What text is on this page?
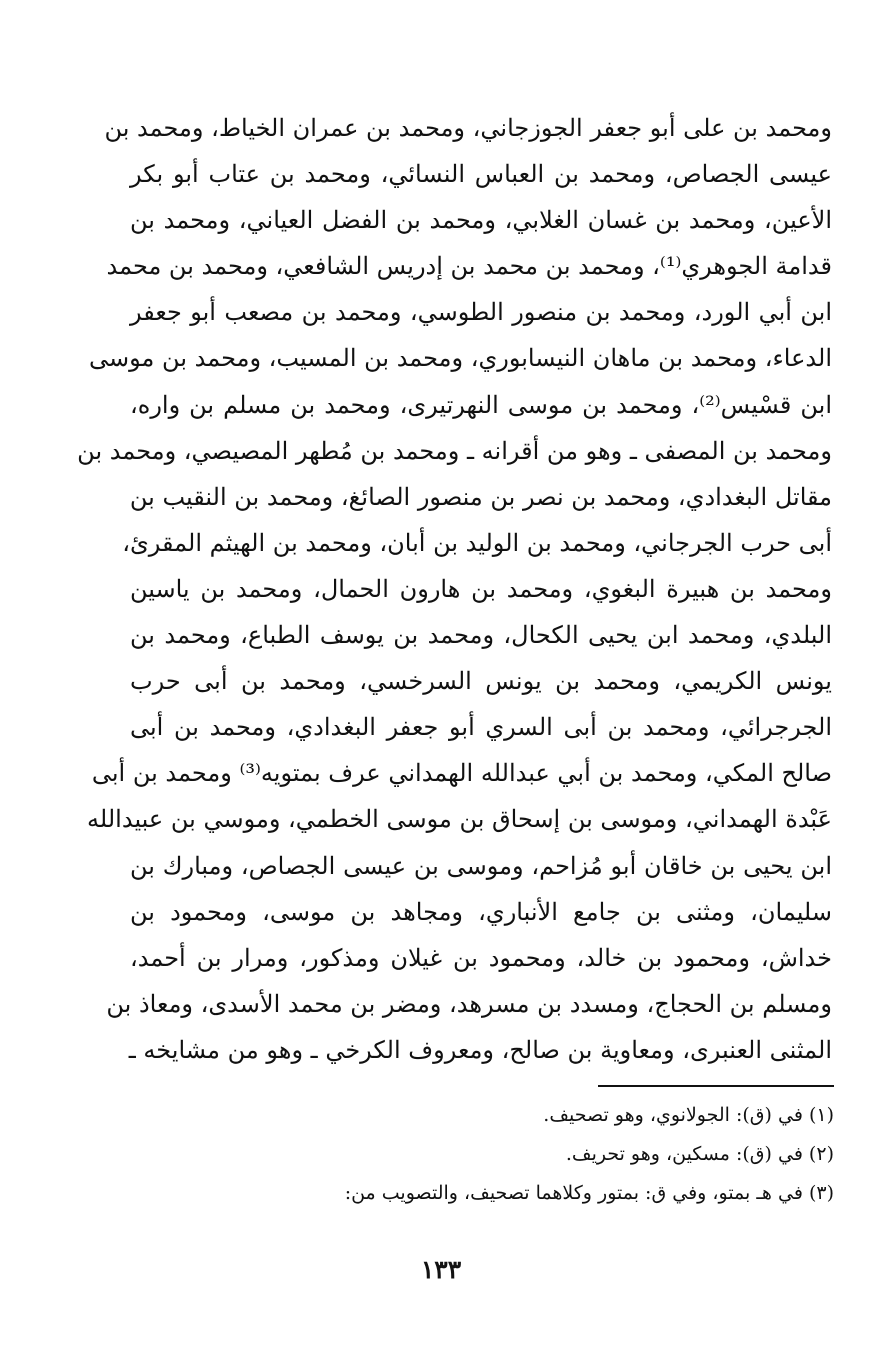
ومحمد بن على أبو جعفر الجوزجاني، ومحمد بن عمران الخياط، ومحمد بن
عيسى الجصاص، ومحمد بن العباس النسائي، ومحمد بن عتاب أبو بكر
الأعين، ومحمد بن غسان الغلابي، ومحمد بن الفضل العياني، ومحمد بن
قدامة الجوهري⁽¹⁾، ومحمد بن محمد بن إدريس الشافعي، ومحمد بن محمد
ابن أبي الورد، ومحمد بن منصور الطوسي، ومحمد بن مصعب أبو جعفر
الدعاء، ومحمد بن ماهان النيسابوري، ومحمد بن المسيب، ومحمد بن موسى
ابن قسْيس⁽²⁾، ومحمد بن موسى النهرتيرى، ومحمد بن مسلم بن واره،
ومحمد بن المصفى ـ وهو من أقرانه ـ ومحمد بن مُطهر المصيصي، ومحمد بن
مقاتل البغدادي، ومحمد بن نصر بن منصور الصائغ، ومحمد بن النقيب بن
أبى حرب الجرجاني، ومحمد بن الوليد بن أبان، ومحمد بن الهيثم المقرئ،
ومحمد بن هبيرة البغوي، ومحمد بن هارون الحمال، ومحمد بن ياسين
البلدي، ومحمد ابن يحيى الكحال، ومحمد بن يوسف الطباع، ومحمد بن
يونس الكريمي، ومحمد بن يونس السرخسي، ومحمد بن أبى حرب
الجرجرائي، ومحمد بن أبى السري أبو جعفر البغدادي، ومحمد بن أبى
صالح المكي، ومحمد بن أبي عبدالله الهمداني عرف بمتويه⁽³⁾ ومحمد بن أبى
عَبْدة الهمداني، وموسى بن إسحاق بن موسى الخطمي، وموسي بن عبيدالله
ابن يحيى بن خاقان أبو مُزاحم، وموسى بن عيسى الجصاص، ومبارك بن
سليمان، ومثنى بن جامع الأنباري، ومجاهد بن موسى، ومحمود بن
خداش، ومحمود بن خالد، ومحمود بن غيلان ومذكور، ومرار بن أحمد،
ومسلم بن الحجاج، ومسدد بن مسرهد، ومضر بن محمد الأسدى، ومعاذ بن
المثنى العنبرى، ومعاوية بن صالح، ومعروف الكرخي ـ وهو من مشايخه ـ
(١) في (ق): الجولانوي، وهو تصحيف.
(٢) في (ق): مسكين، وهو تحريف.
(٣) في هـ بمتو، وفي ق: بمتور وكلاهما تصحيف، والتصويب من:
١٣٣
